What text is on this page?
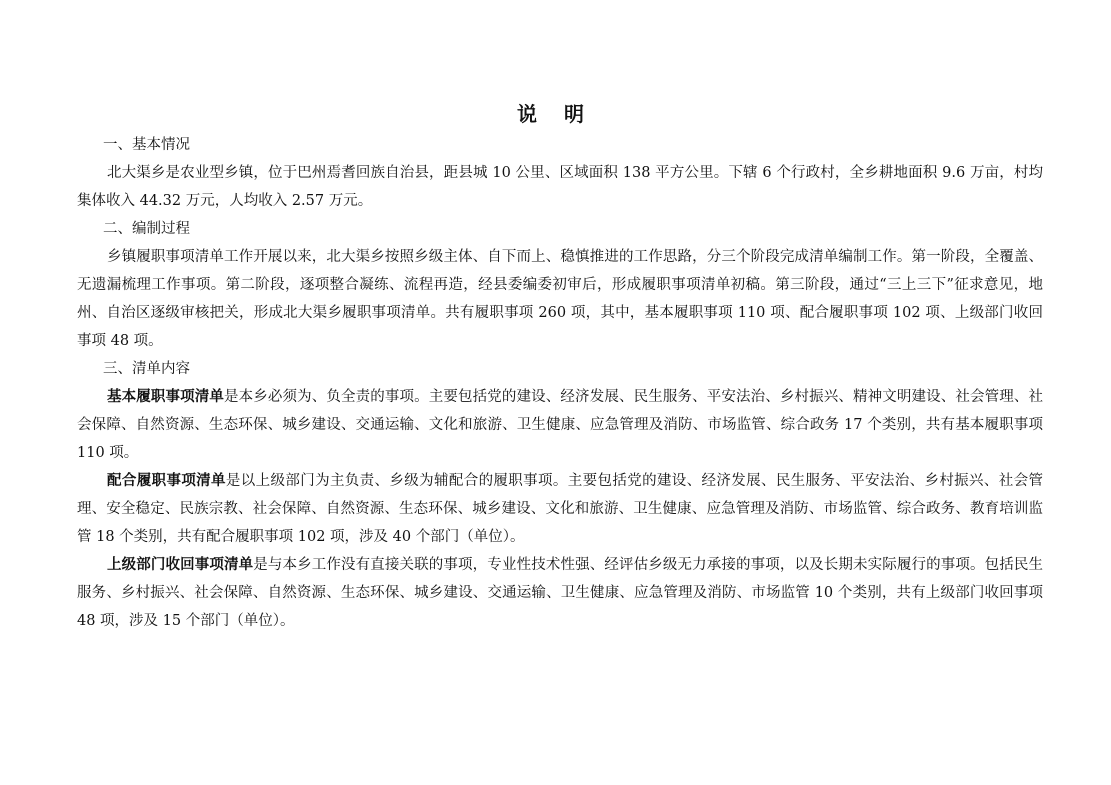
说 明
一、基本情况

北大渠乡是农业型乡镇，位于巴州焉耆回族自治县，距县城 10 公里、区域面积 138 平方公里。下辖 6 个行政村，全乡耕地面积 9.6 万亩，村均集体收入 44.32 万元，人均收入 2.57 万元。

二、编制过程

乡镇履职事项清单工作开展以来，北大渠乡按照乡级主体、自下而上、稳慎推进的工作思路，分三个阶段完成清单编制工作。第一阶段，全覆盖、无遗漏梳理工作事项。第二阶段，逐项整合凝练、流程再造，经县委编委初审后，形成履职事项清单初稿。第三阶段，通过“三上三下”征求意见，地州、自治区逐级审核把关，形成北大渠乡履职事项清单。共有履职事项 260 项，其中，基本履职事项 110 项、配合履职事项 102 项、上级部门收回事项 48 项。

三、清单内容

基本履职事项清单是本乡必须为、负全责的事项。主要包括党的建设、经济发展、民生服务、平安法治、乡村振兴、精神文明建设、社会管理、社会保障、自然资源、生态环保、城乡建设、交通运输、文化和旅游、卫生健康、应急管理及消防、市场监管、综合政务 17 个类别，共有基本履职事项 110 项。

配合履职事项清单是以上级部门为主负责、乡级为辅配合的履职事项。主要包括党的建设、经济发展、民生服务、平安法治、乡村振兴、社会管理、安全稳定、民族宗教、社会保障、自然资源、生态环保、城乡建设、文化和旅游、卫生健康、应急管理及消防、市场监管、综合政务、教育培训监管 18 个类别，共有配合履职事项 102 项，涉及 40 个部门（单位）。

上级部门收回事项清单是与本乡工作没有直接关联的事项，专业性技术性强、经评估乡级无力承接的事项，以及长期未实际履行的事项。包括民生服务、乡村振兴、社会保障、自然资源、生态环保、城乡建设、交通运输、卫生健康、应急管理及消防、市场监管 10 个类别，共有上级部门收回事项 48 项，涉及 15 个部门（单位）。
